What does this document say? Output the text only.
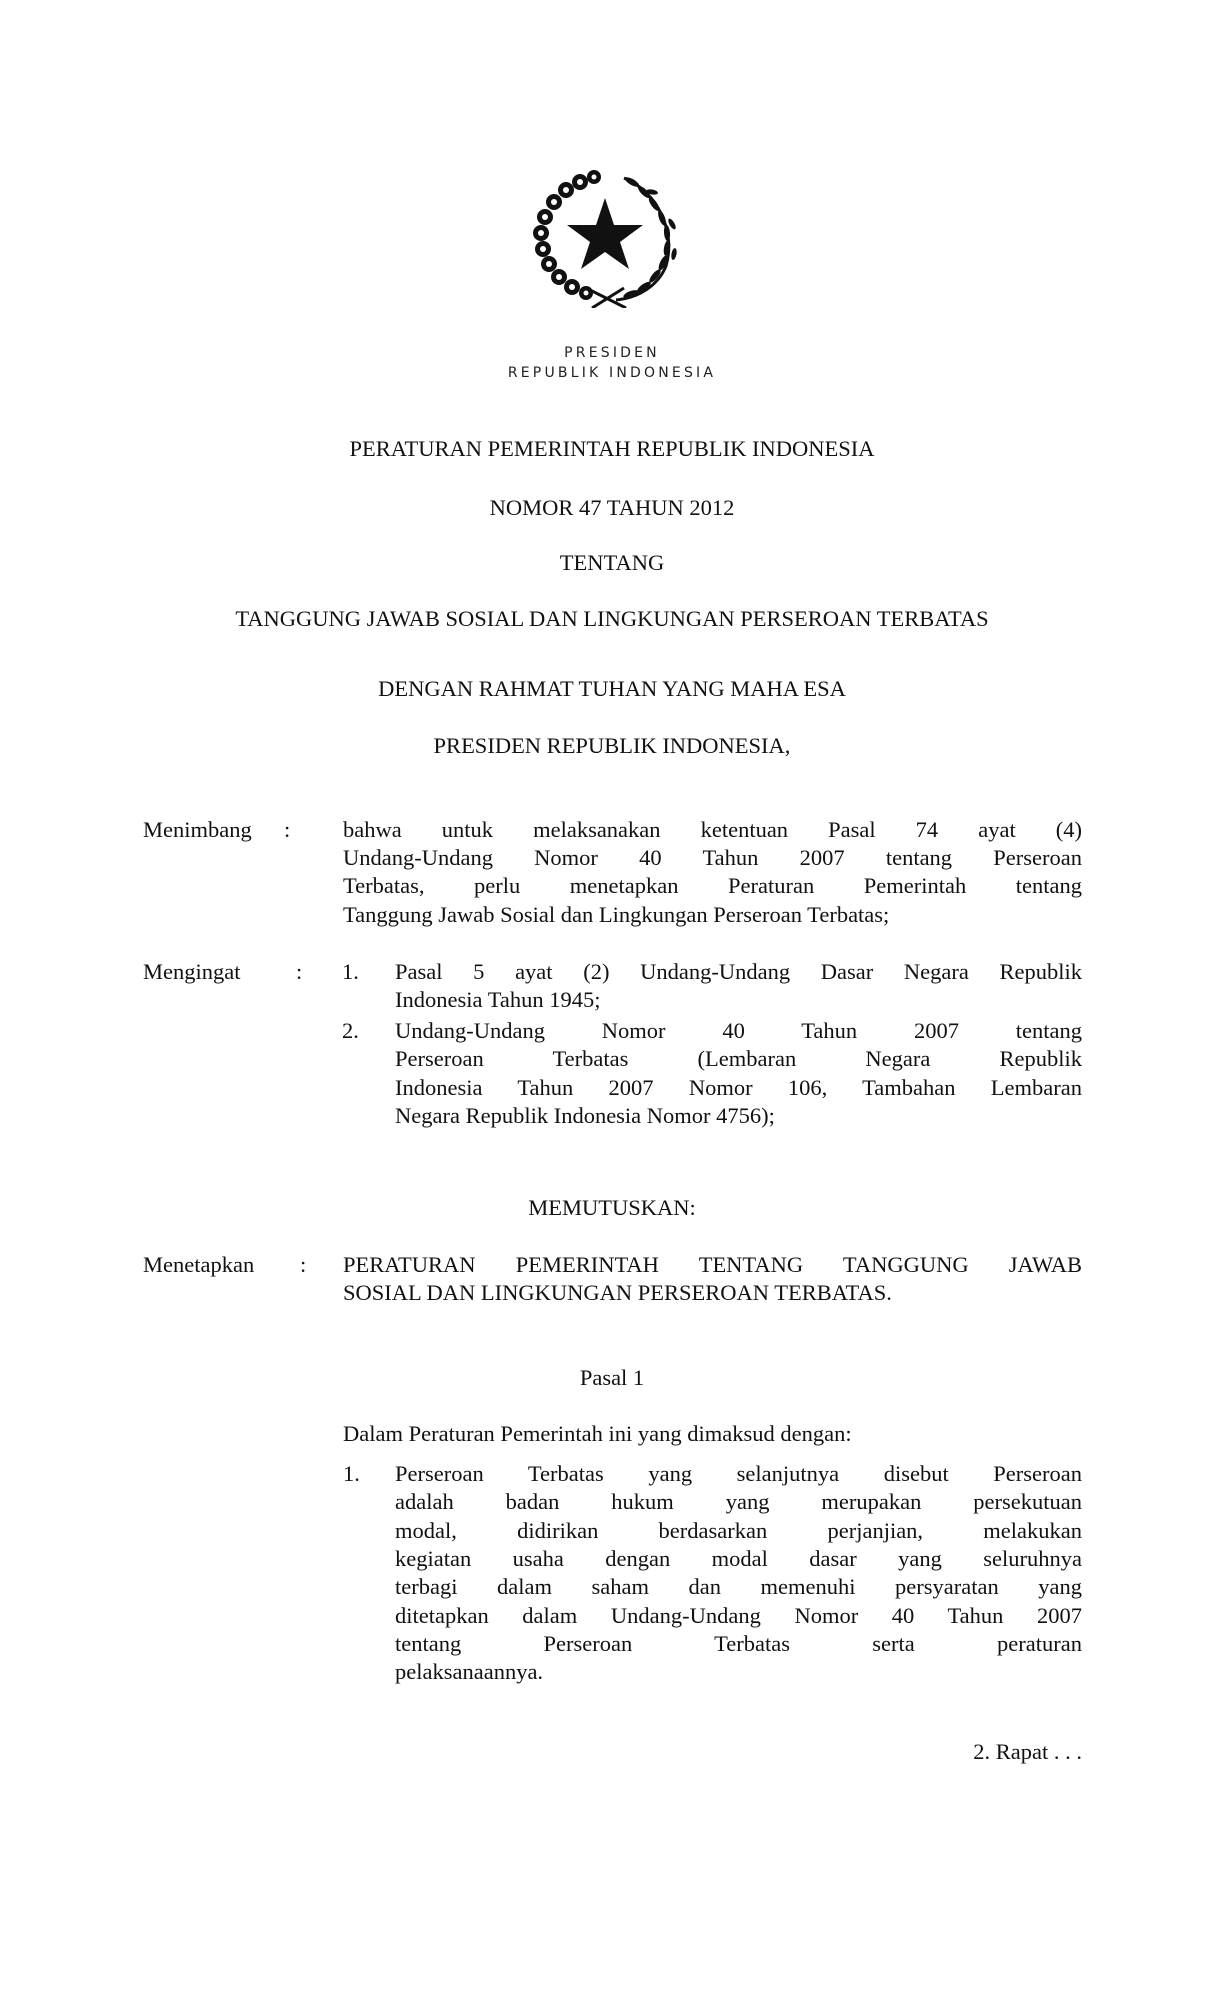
PRESIDEN
REPUBLIK INDONESIA
PERATURAN PEMERINTAH REPUBLIK INDONESIA
NOMOR 47 TAHUN 2012
TENTANG
TANGGUNG JAWAB SOSIAL DAN LINGKUNGAN PERSEROAN TERBATAS
DENGAN RAHMAT TUHAN YANG MAHA ESA
PRESIDEN REPUBLIK INDONESIA,
Menimbang : bahwa untuk melaksanakan ketentuan Pasal 74 ayat (4)
Undang-Undang Nomor 40 Tahun 2007 tentang Perseroan
Terbatas, perlu menetapkan Peraturan Pemerintah tentang
Tanggung Jawab Sosial dan Lingkungan Perseroan Terbatas;
Mengingat : 1. Pasal 5 ayat (2) Undang-Undang Dasar Negara Republik
Indonesia Tahun 1945;
2. Undang-Undang Nomor 40 Tahun 2007 tentang
Perseroan Terbatas (Lembaran Negara Republik
Indonesia Tahun 2007 Nomor 106, Tambahan Lembaran
Negara Republik Indonesia Nomor 4756);
MEMUTUSKAN:
Menetapkan : PERATURAN PEMERINTAH TENTANG TANGGUNG JAWAB
SOSIAL DAN LINGKUNGAN PERSEROAN TERBATAS.
Pasal 1
Dalam Peraturan Pemerintah ini yang dimaksud dengan:
1. Perseroan Terbatas yang selanjutnya disebut Perseroan
adalah badan hukum yang merupakan persekutuan
modal, didirikan berdasarkan perjanjian, melakukan
kegiatan usaha dengan modal dasar yang seluruhnya
terbagi dalam saham dan memenuhi persyaratan yang
ditetapkan dalam Undang-Undang Nomor 40 Tahun 2007
tentang Perseroan Terbatas serta peraturan
pelaksanaannya.
2. Rapat . . .
